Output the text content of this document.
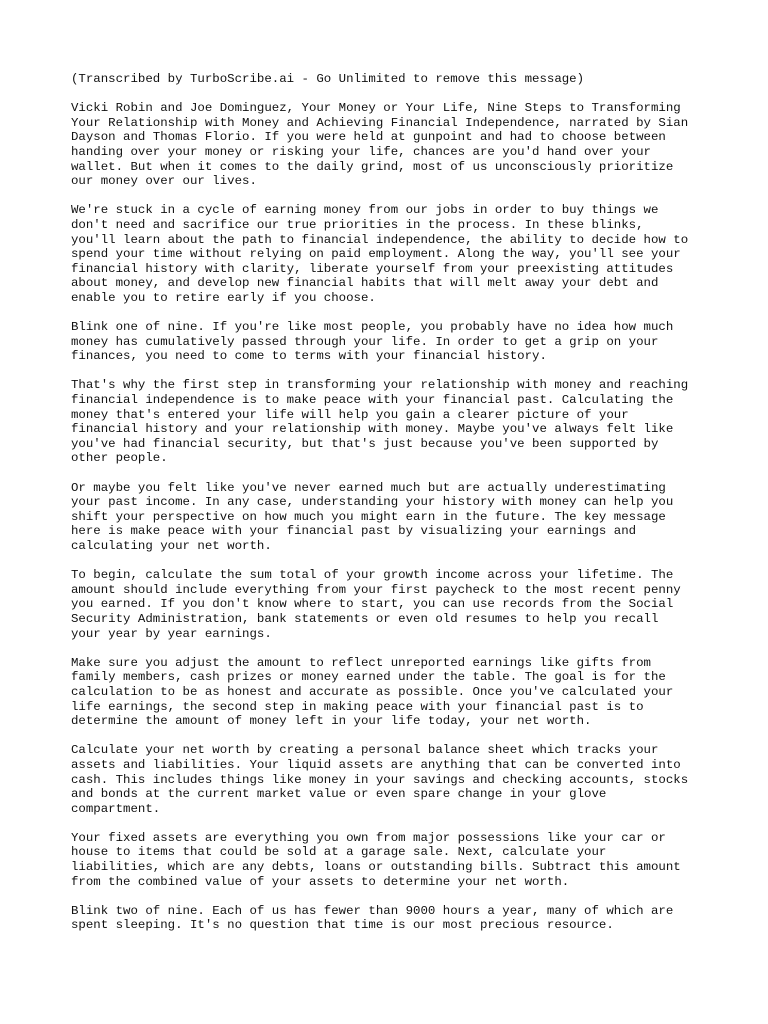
(Transcribed by TurboScribe.ai - Go Unlimited to remove this message)

Vicki Robin and Joe Dominguez, Your Money or Your Life, Nine Steps to Transforming
Your Relationship with Money and Achieving Financial Independence, narrated by Sian
Dayson and Thomas Florio. If you were held at gunpoint and had to choose between
handing over your money or risking your life, chances are you'd hand over your
wallet. But when it comes to the daily grind, most of us unconsciously prioritize
our money over our lives.

We're stuck in a cycle of earning money from our jobs in order to buy things we
don't need and sacrifice our true priorities in the process. In these blinks,
you'll learn about the path to financial independence, the ability to decide how to
spend your time without relying on paid employment. Along the way, you'll see your
financial history with clarity, liberate yourself from your preexisting attitudes
about money, and develop new financial habits that will melt away your debt and
enable you to retire early if you choose.

Blink one of nine. If you're like most people, you probably have no idea how much
money has cumulatively passed through your life. In order to get a grip on your
finances, you need to come to terms with your financial history.

That's why the first step in transforming your relationship with money and reaching
financial independence is to make peace with your financial past. Calculating the
money that's entered your life will help you gain a clearer picture of your
financial history and your relationship with money. Maybe you've always felt like
you've had financial security, but that's just because you've been supported by
other people.

Or maybe you felt like you've never earned much but are actually underestimating
your past income. In any case, understanding your history with money can help you
shift your perspective on how much you might earn in the future. The key message
here is make peace with your financial past by visualizing your earnings and
calculating your net worth.

To begin, calculate the sum total of your growth income across your lifetime. The
amount should include everything from your first paycheck to the most recent penny
you earned. If you don't know where to start, you can use records from the Social
Security Administration, bank statements or even old resumes to help you recall
your year by year earnings.

Make sure you adjust the amount to reflect unreported earnings like gifts from
family members, cash prizes or money earned under the table. The goal is for the
calculation to be as honest and accurate as possible. Once you've calculated your
life earnings, the second step in making peace with your financial past is to
determine the amount of money left in your life today, your net worth.

Calculate your net worth by creating a personal balance sheet which tracks your
assets and liabilities. Your liquid assets are anything that can be converted into
cash. This includes things like money in your savings and checking accounts, stocks
and bonds at the current market value or even spare change in your glove
compartment.

Your fixed assets are everything you own from major possessions like your car or
house to items that could be sold at a garage sale. Next, calculate your
liabilities, which are any debts, loans or outstanding bills. Subtract this amount
from the combined value of your assets to determine your net worth.

Blink two of nine. Each of us has fewer than 9000 hours a year, many of which are
spent sleeping. It's no question that time is our most precious resource.
